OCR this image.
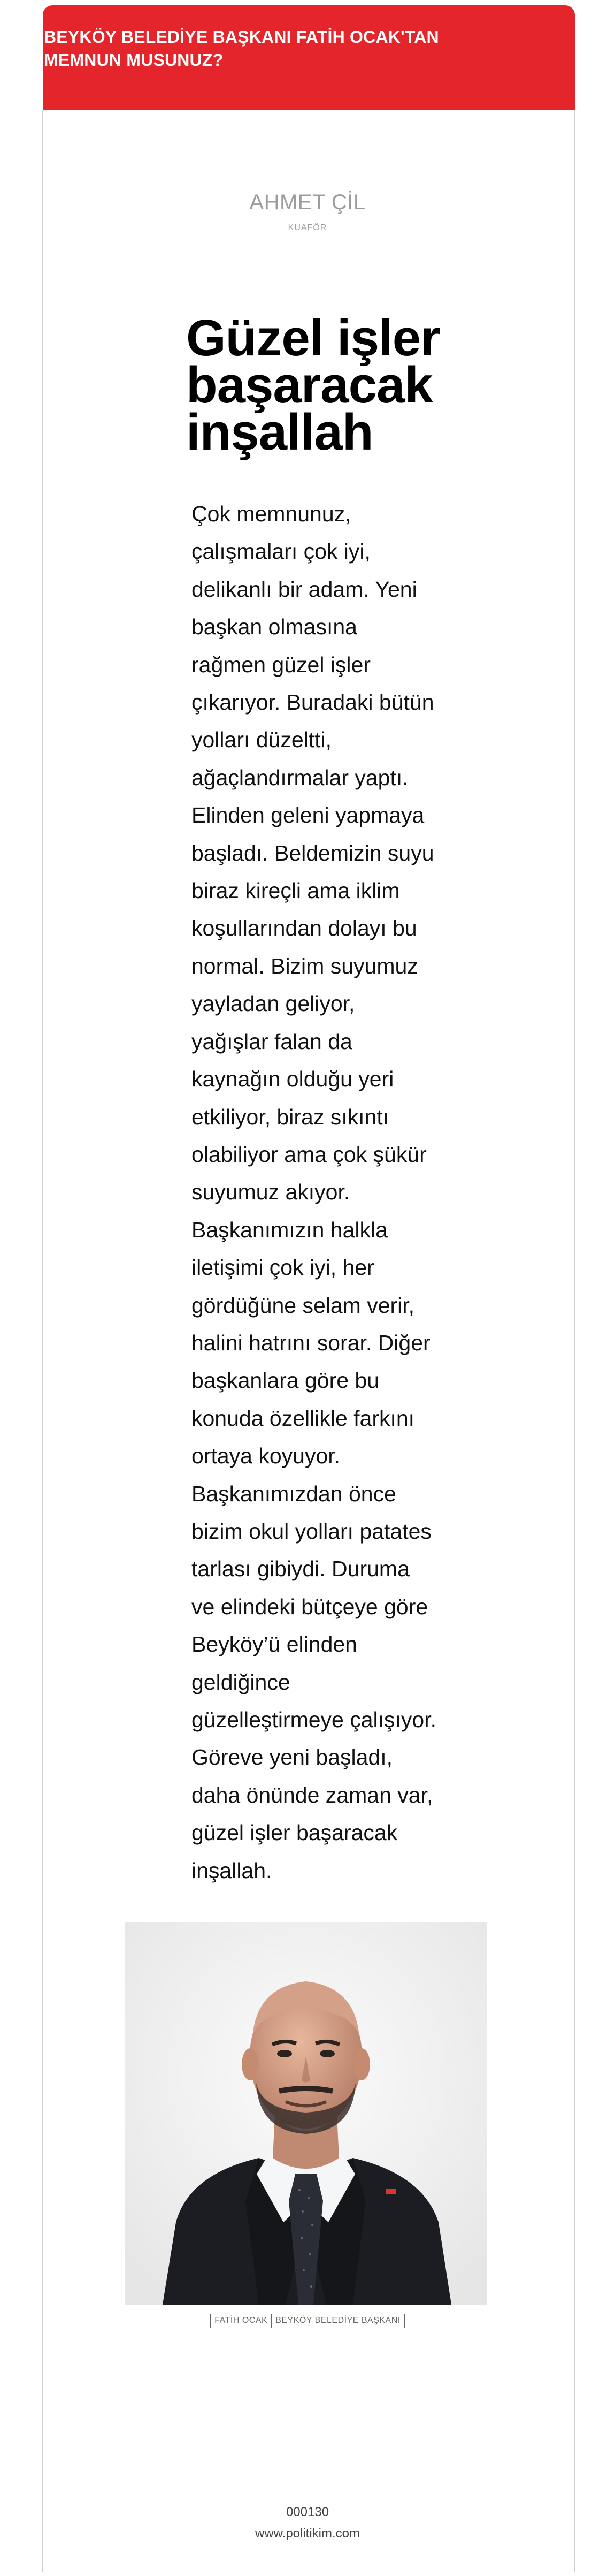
BEYKÖY BELEDİYE BAŞKANI FATİH OCAK'TAN MEMNUN MUSUNUZ?
AHMET ÇİL
KUAFÖR
Güzel işler başaracak inşallah
Çok memnunuz, çalışmaları çok iyi, delikanlı bir adam. Yeni başkan olmasına rağmen güzel işler çıkarıyor. Buradaki bütün yolları düzeltti, ağaçlandırmalar yaptı. Elinden geleni yapmaya başladı. Beldemizin suyu biraz kireçli ama iklim koşullarından dolayı bu normal. Bizim suyumuz yayladan geliyor, yağışlar falan da kaynağın olduğu yeri etkiliyor, biraz sıkıntı olabiliyor ama çok şükür suyumuz akıyor. Başkanımızın halkla iletişimi çok iyi, her gördüğüne selam verir, halini hatrını sorar. Diğer başkanlara göre bu konuda özellikle farkını ortaya koyuyor. Başkanımızdan önce bizim okul yolları patates tarlası gibiydi. Duruma ve elindeki bütçeye göre Beyköy’ü elinden geldiğince güzelleştirmeye çalışıyor. Göreve yeni başladı, daha önünde zaman var, güzel işler başaracak inşallah.
FATİH OCAK BEYKÖY BELEDİYE BAŞKANI
000130
www.politikim.com
